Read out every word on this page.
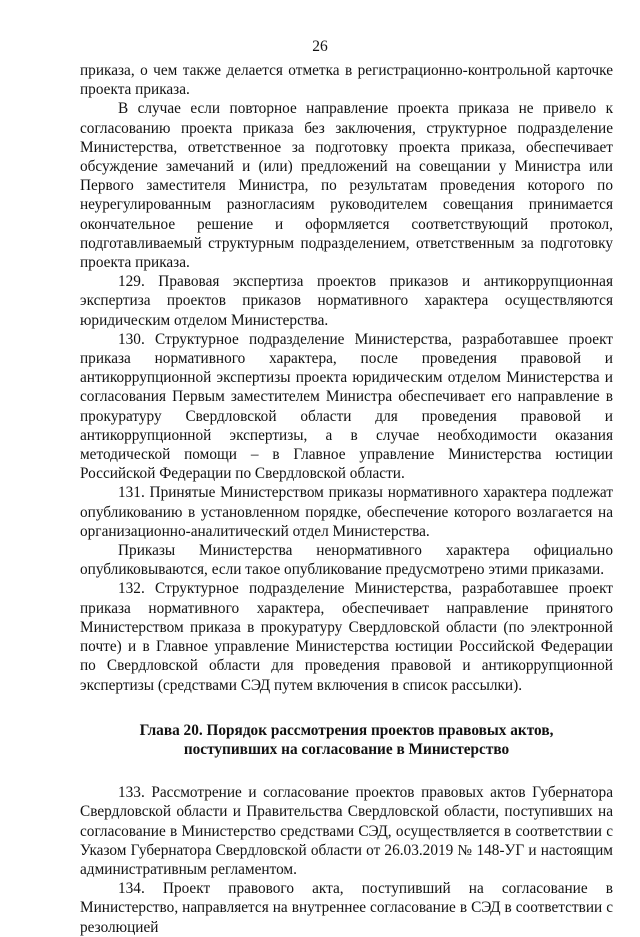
26

приказа, о чем также делается отметка в регистрационно-контрольной карточке проекта приказа.

В случае если повторное направление проекта приказа не привело к согласованию проекта приказа без заключения, структурное подразделение Министерства, ответственное за подготовку проекта приказа, обеспечивает обсуждение замечаний и (или) предложений на совещании у Министра или Первого заместителя Министра, по результатам проведения которого по неурегулированным разногласиям руководителем совещания принимается окончательное решение и оформляется соответствующий протокол, подготавливаемый структурным подразделением, ответственным за подготовку проекта приказа.

129. Правовая экспертиза проектов приказов и антикоррупционная экспертиза проектов приказов нормативного характера осуществляются юридическим отделом Министерства.

130. Структурное подразделение Министерства, разработавшее проект приказа нормативного характера, после проведения правовой и антикоррупционной экспертизы проекта юридическим отделом Министерства и согласования Первым заместителем Министра обеспечивает его направление в прокуратуру Свердловской области для проведения правовой и антикоррупционной экспертизы, а в случае необходимости оказания методической помощи – в Главное управление Министерства юстиции Российской Федерации по Свердловской области.

131. Принятые Министерством приказы нормативного характера подлежат опубликованию в установленном порядке, обеспечение которого возлагается на организационно-аналитический отдел Министерства.

Приказы Министерства ненормативного характера официально опубликовываются, если такое опубликование предусмотрено этими приказами.

132. Структурное подразделение Министерства, разработавшее проект приказа нормативного характера, обеспечивает направление принятого Министерством приказа в прокуратуру Свердловской области (по электронной почте) и в Главное управление Министерства юстиции Российской Федерации по Свердловской области для проведения правовой и антикоррупционной экспертизы (средствами СЭД путем включения в список рассылки).

Глава 20. Порядок рассмотрения проектов правовых актов,
поступивших на согласование в Министерство

133. Рассмотрение и согласование проектов правовых актов Губернатора Свердловской области и Правительства Свердловской области, поступивших на согласование в Министерство средствами СЭД, осуществляется в соответствии с Указом Губернатора Свердловской области от 26.03.2019 № 148-УГ и настоящим административным регламентом.

134. Проект правового акта, поступивший на согласование в Министерство, направляется на внутреннее согласование в СЭД в соответствии с резолюцией
